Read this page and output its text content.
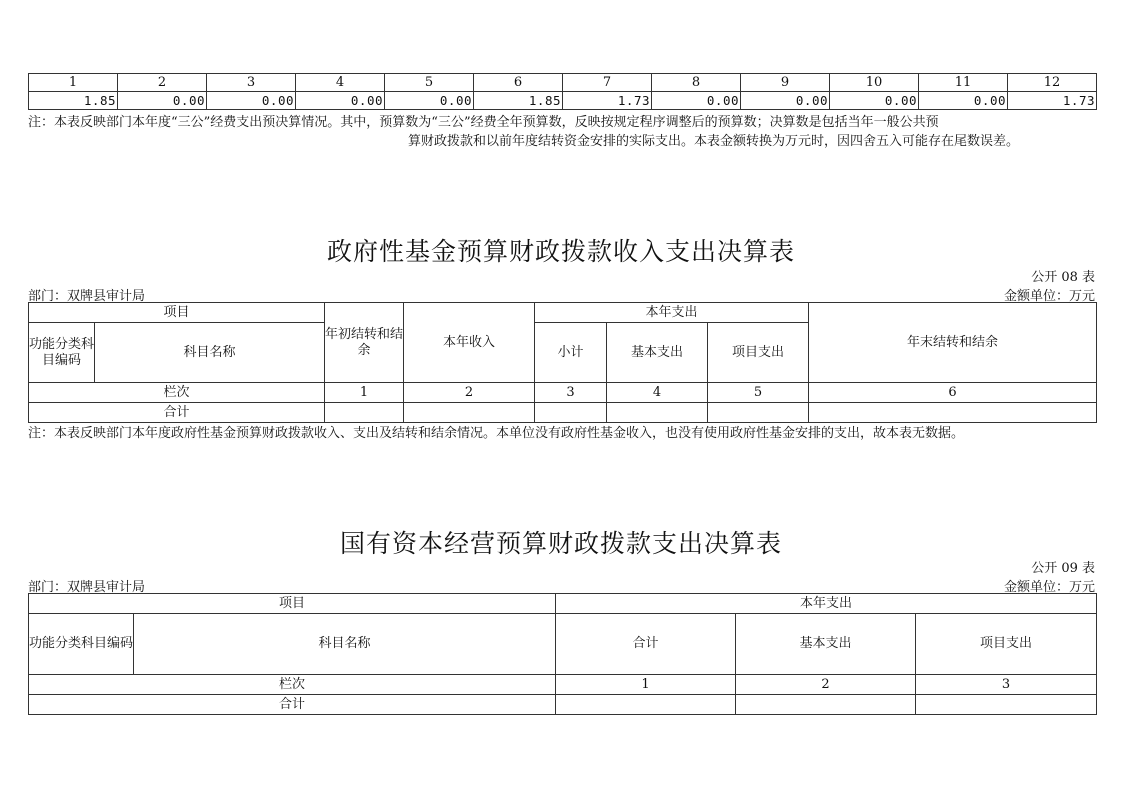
1	2	3	4	5	6	7	8	9	10	11	12
1.85	0.00	0.00	0.00	0.00	1.85	1.73	0.00	0.00	0.00	0.00	1.73
注：本表反映部门本年度“三公”经费支出预决算情况。其中，预算数为“三公”经费全年预算数，反映按规定程序调整后的预算数；决算数是包括当年一般公共预
算财政拨款和以前年度结转资金安排的实际支出。本表金额转换为万元时，因四舍五入可能存在尾数误差。
政府性基金预算财政拨款收入支出决算表
公开 08 表
部门：双牌县审计局	金额单位：万元
项目		年初结转和结余	本年收入	本年支出			年末结转和结余
功能分类科目编码	科目名称			小计	基本支出	项目支出	
栏次		1	2	3	4	5	6
合计							
注：本表反映部门本年度政府性基金预算财政拨款收入、支出及结转和结余情况。本单位没有政府性基金收入，也没有使用政府性基金安排的支出，故本表无数据。
国有资本经营预算财政拨款支出决算表
公开 09 表
部门：双牌县审计局	金额单位：万元
项目		本年支出		
功能分类科目编码	科目名称	合计	基本支出	项目支出
栏次		1	2	3
合计				
